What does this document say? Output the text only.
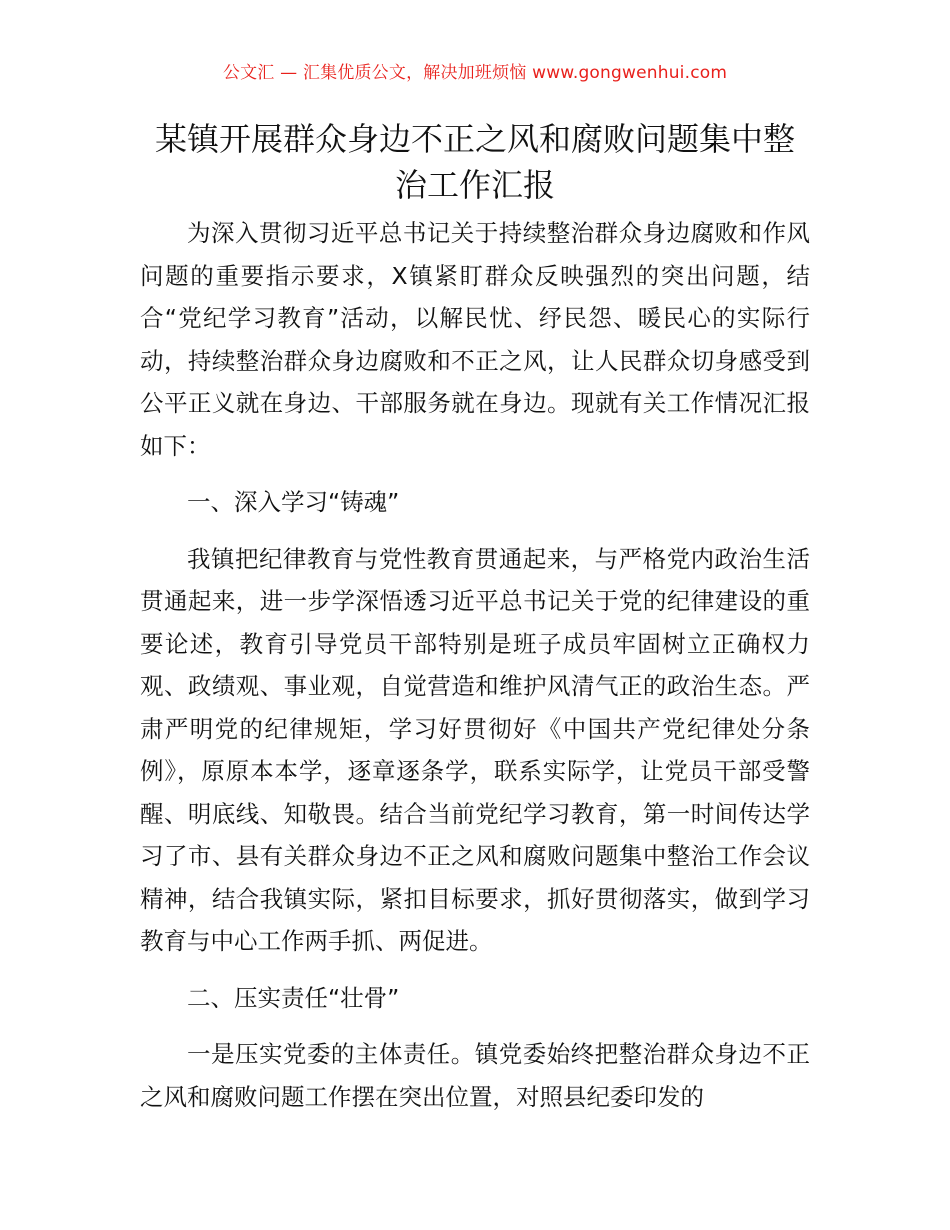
公文汇 — 汇集优质公文，解决加班烦恼 www.gongwenhui.com
某镇开展群众身边不正之风和腐败问题集中整治工作汇报

为深入贯彻习近平总书记关于持续整治群众身边腐败和作风问题的重要指示要求，X镇紧盯群众反映强烈的突出问题，结合“党纪学习教育”活动，以解民忧、纾民怨、暖民心的实际行动，持续整治群众身边腐败和不正之风，让人民群众切身感受到公平正义就在身边、干部服务就在身边。现就有关工作情况汇报如下：

一、深入学习“铸魂”

我镇把纪律教育与党性教育贯通起来，与严格党内政治生活贯通起来，进一步学深悟透习近平总书记关于党的纪律建设的重要论述，教育引导党员干部特别是班子成员牢固树立正确权力观、政绩观、事业观，自觉营造和维护风清气正的政治生态。严肃严明党的纪律规矩，学习好贯彻好《中国共产党纪律处分条例》，原原本本学，逐章逐条学，联系实际学，让党员干部受警醒、明底线、知敬畏。结合当前党纪学习教育，第一时间传达学习了市、县有关群众身边不正之风和腐败问题集中整治工作会议精神，结合我镇实际，紧扣目标要求，抓好贯彻落实，做到学习教育与中心工作两手抓、两促进。

二、压实责任“壮骨”

一是压实党委的主体责任。镇党委始终把整治群众身边不正之风和腐败问题工作摆在突出位置，对照县纪委印发的
